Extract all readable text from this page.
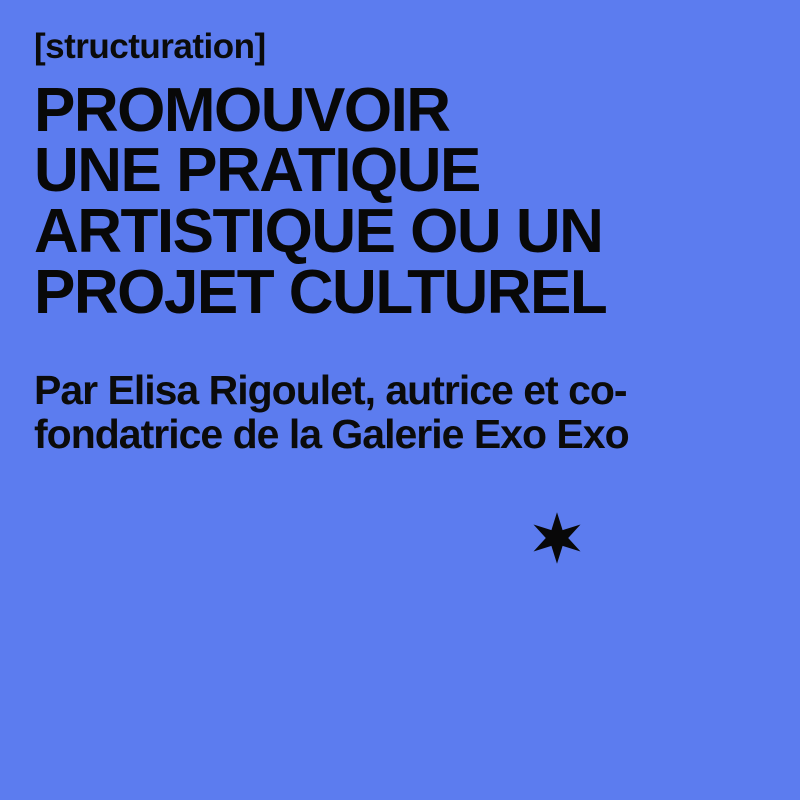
[structuration]
PROMOUVOIR
UNE PRATIQUE
ARTISTIQUE OU UN
PROJET CULTUREL

Par Elisa Rigoulet, autrice et co-fondatrice de la Galerie Exo Exo
